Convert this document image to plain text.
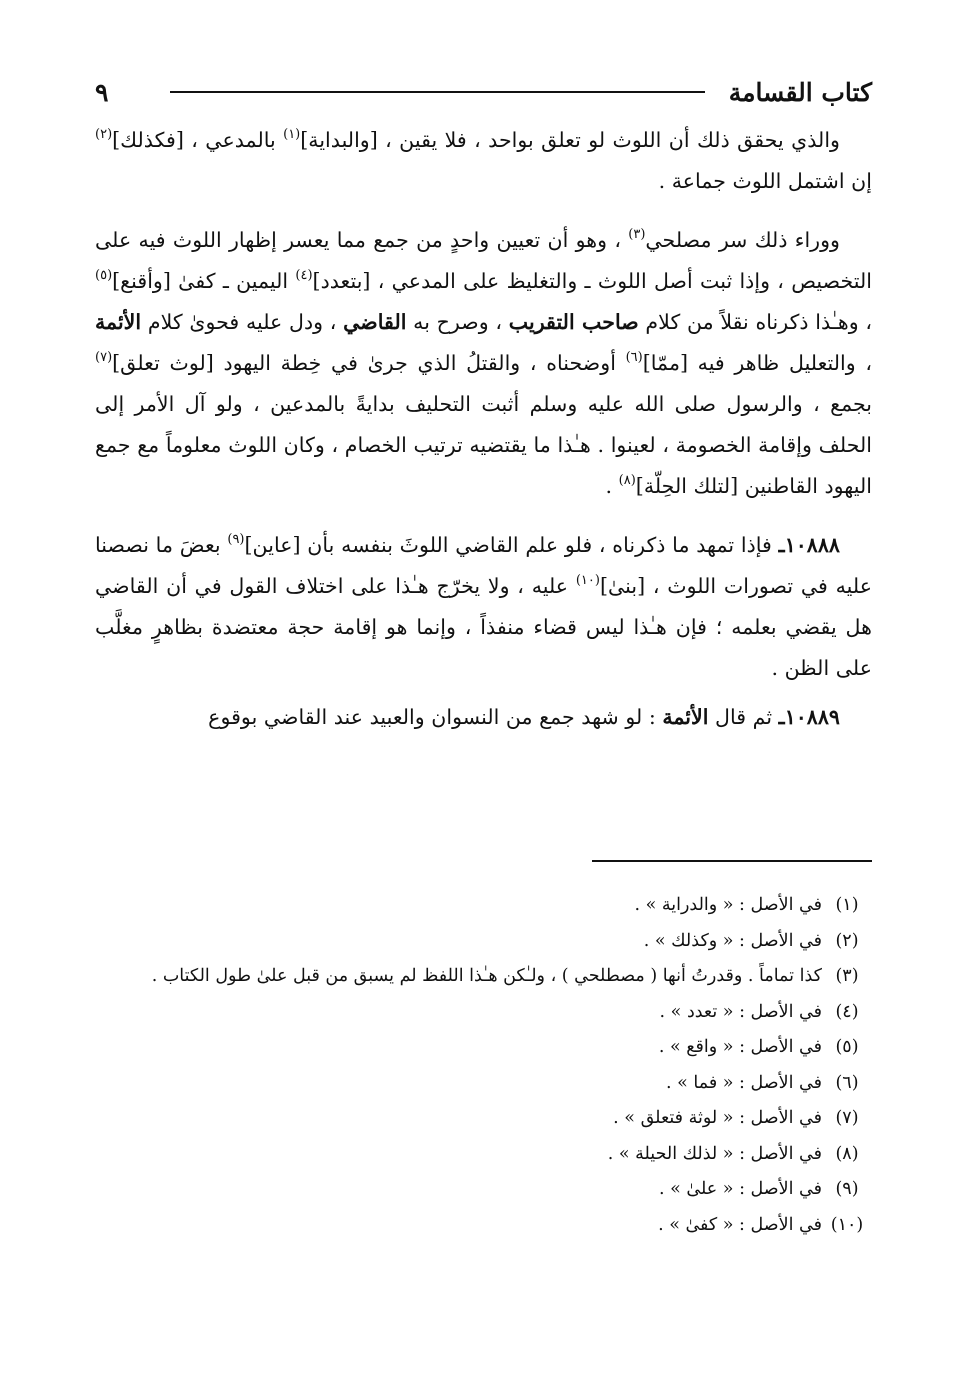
كتاب القسامة
٩

والذي يحقق ذلك أن اللوث لو تعلق بواحد ، فلا يقين ، [والبداية]$^{(١)}$ بالمدعي ، [فكذلك]$^{(٢)}$ إن اشتمل اللوث جماعة .

ووراء ذلك سر مصلحي$^{(٣)}$ ، وهو أن تعيين واحدٍ من جمع مما يعسر إظهار اللوث فيه على التخصيص ، وإذا ثبت أصل اللوث ـ والتغليظ على المدعي ، [بتعدد]$^{(٤)}$ اليمين ـ كفىٰ [وأقنع]$^{(٥)}$ ، وهـٰذا ذكرناه نقلاً من كلام صاحب التقريب ، وصرح به القاضي ، ودل عليه فحوىٰ كلام الأئمة ، والتعليل ظاهر فيه [ممّا]$^{(٦)}$ أوضحناه ، والقتلُ الذي جرىٰ في خِطة اليهود [لوث تعلق]$^{(٧)}$ بجمع ، والرسول صلى الله عليه وسلم أثبت التحليف بدايةً بالمدعين ، ولو آل الأمر إلى الحلف وإقامة الخصومة ، لعينوا . هـٰذا ما يقتضيه ترتيب الخصام ، وكان اللوث معلوماً مع جمع اليهود القاطنين [لتلك الحِلّة]$^{(٨)}$ .

١٠٨٨٨ـ فإذا تمهد ما ذكرناه ، فلو علم القاضي اللوثَ بنفسه بأن [عاين]$^{(٩)}$ بعضَ ما نصصنا عليه في تصورات اللوث ، [بنىٰ]$^{(١٠)}$ عليه ، ولا يخرّج هـٰذا على اختلاف القول في أن القاضي هل يقضي بعلمه ؛ فإن هـٰذا ليس قضاء منفذاً ، وإنما هو إقامة حجة معتضدة بظاهرٍ مغلَّب على الظن .

١٠٨٨٩ـ ثم قال الأئمة : لو شهد جمع من النسوان والعبيد عند القاضي بوقوع

(١)
في الأصل : « والدراية » .
(٢)
في الأصل : « وكذلك » .
(٣)
كذا تماماً . وقدرتُ أنها ( مصطلحي ) ، ولـٰكن هـٰذا اللفظ لم يسبق من قبل علىٰ طول الكتاب .
(٤)
في الأصل : « تعدد » .
(٥)
في الأصل : « واقع » .
(٦)
في الأصل : « فما » .
(٧)
في الأصل : « لوثة فتعلق » .
(٨)
في الأصل : « لذلك الحيلة » .
(٩)
في الأصل : « علىٰ » .
(١٠)
في الأصل : « كفىٰ » .
